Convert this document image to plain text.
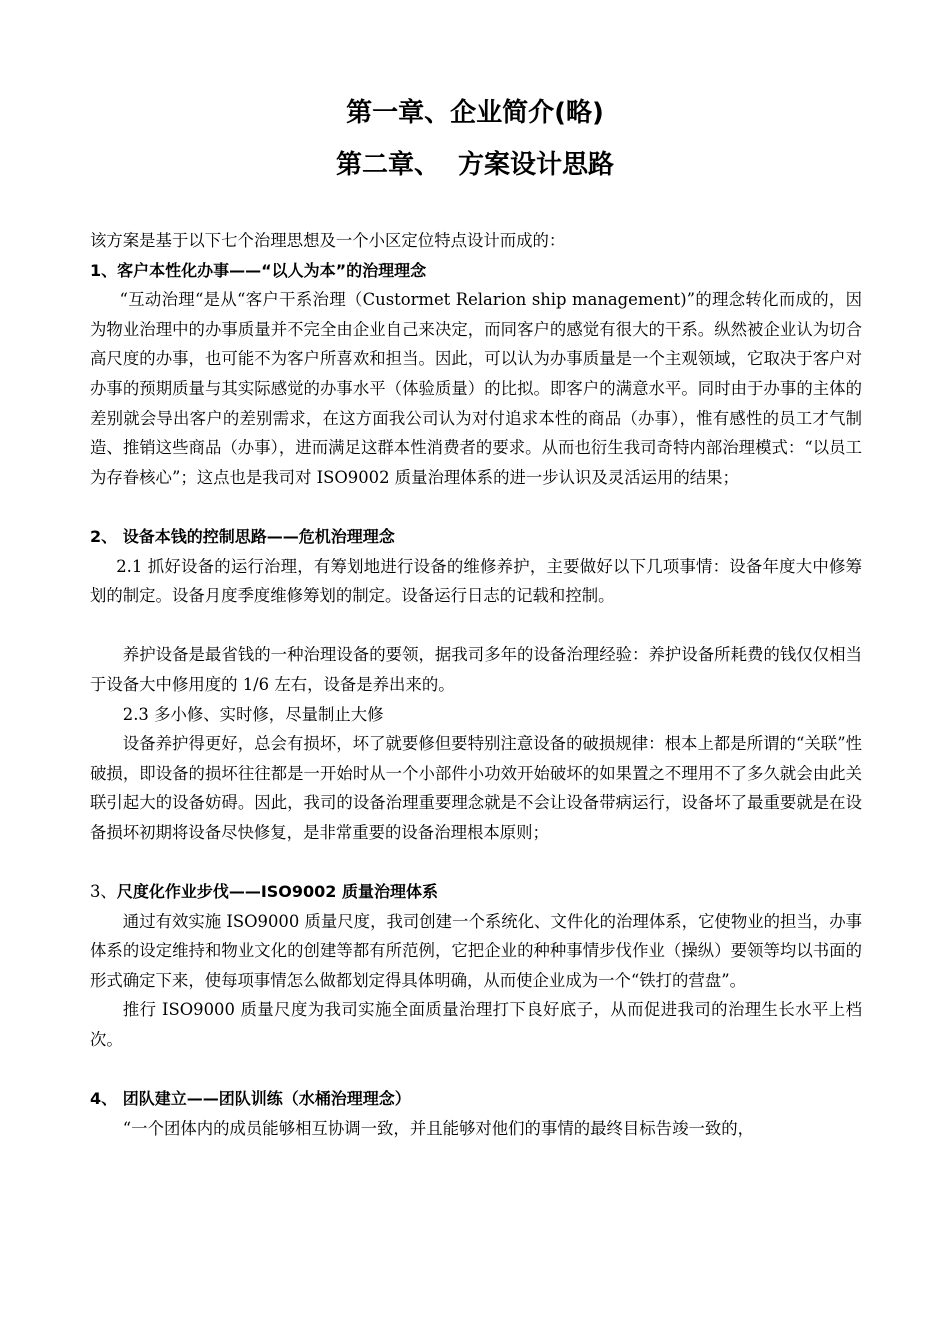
第一章、企业简介(略)
第二章、  方案设计思路

该方案是基于以下七个治理思想及一个小区定位特点设计而成的：

1、客户本性化办事——“以人为本”的治理理念

“互动治理“是从“客户干系治理（Custormet Relarion ship management)”的理念转化而成的，因为物业治理中的办事质量并不完全由企业自己来决定，而同客户的感觉有很大的干系。纵然被企业认为切合高尺度的办事，也可能不为客户所喜欢和担当。因此，可以认为办事质量是一个主观领域，它取决于客户对办事的预期质量与其实际感觉的办事水平（体验质量）的比拟。即客户的满意水平。同时由于办事的主体的差别就会导出客户的差别需求，在这方面我公司认为对付追求本性的商品（办事），惟有感性的员工才气制造、推销这些商品（办事），进而满足这群本性消费者的要求。从而也衍生我司奇特内部治理模式：“以员工为存眷核心”；这点也是我司对 ISO9002 质量治理体系的进一步认识及灵活运用的结果；

2、 设备本钱的控制思路——危机治理理念

2.1 抓好设备的运行治理，有筹划地进行设备的维修养护，主要做好以下几项事情：设备年度大中修筹划的制定。设备月度季度维修筹划的制定。设备运行日志的记载和控制。

养护设备是最省钱的一种治理设备的要领，据我司多年的设备治理经验：养护设备所耗费的钱仅仅相当于设备大中修用度的 1/6 左右，设备是养出来的。

2.3 多小修、实时修，尽量制止大修

设备养护得更好，总会有损坏，坏了就要修但要特别注意设备的破损规律：根本上都是所谓的“关联”性破损，即设备的损坏往往都是一开始时从一个小部件小功效开始破坏的如果置之不理用不了多久就会由此关联引起大的设备妨碍。因此，我司的设备治理重要理念就是不会让设备带病运行，设备坏了最重要就是在设备损坏初期将设备尽快修复，是非常重要的设备治理根本原则；

3、尺度化作业步伐——ISO9002 质量治理体系

通过有效实施 ISO9000 质量尺度，我司创建一个系统化、文件化的治理体系，它使物业的担当，办事体系的设定维持和物业文化的创建等都有所范例，它把企业的种种事情步伐作业（操纵）要领等均以书面的形式确定下来，使每项事情怎么做都划定得具体明确，从而使企业成为一个“铁打的营盘”。

推行 ISO9000 质量尺度为我司实施全面质量治理打下良好底子，从而促进我司的治理生长水平上档次。

4、 团队建立——团队训练（水桶治理理念）

“一个团体内的成员能够相互协调一致，并且能够对他们的事情的最终目标告竣一致的，
